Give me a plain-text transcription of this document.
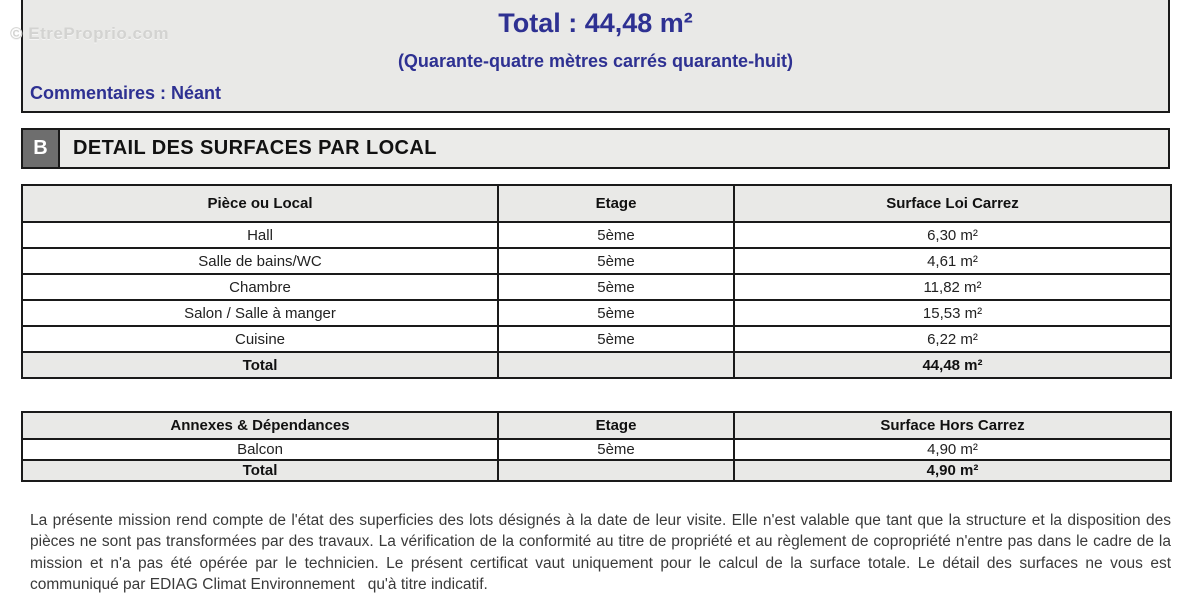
© EtreProprio.com	Total : 44,48 m²
(Quarante-quatre mètres carrés quarante-huit)
Commentaires : Néant
B	DETAIL DES SURFACES PAR LOCAL
Pièce ou Local	Etage	Surface Loi Carrez
Hall	5ème	6,30 m²
Salle de bains/WC	5ème	4,61 m²
Chambre	5ème	11,82 m²
Salon / Salle à manger	5ème	15,53 m²
Cuisine	5ème	6,22 m²
Total		44,48 m²
Annexes & Dépendances	Etage	Surface Hors Carrez
Balcon	5ème	4,90 m²
Total		4,90 m²

La présente mission rend compte de l'état des superficies des lots désignés à la date de leur visite. Elle n'est valable que tant que la structure et la disposition des pièces ne sont pas transformées par des travaux. La vérification de la conformité au titre de propriété et au règlement de copropriété n'entre pas dans le cadre de la mission et n'a pas été opérée par le technicien. Le présent certificat vaut uniquement pour le calcul de la surface totale. Le détail des surfaces ne vous est communiqué par EDIAG Climat Environnement   qu'à titre indicatif.
